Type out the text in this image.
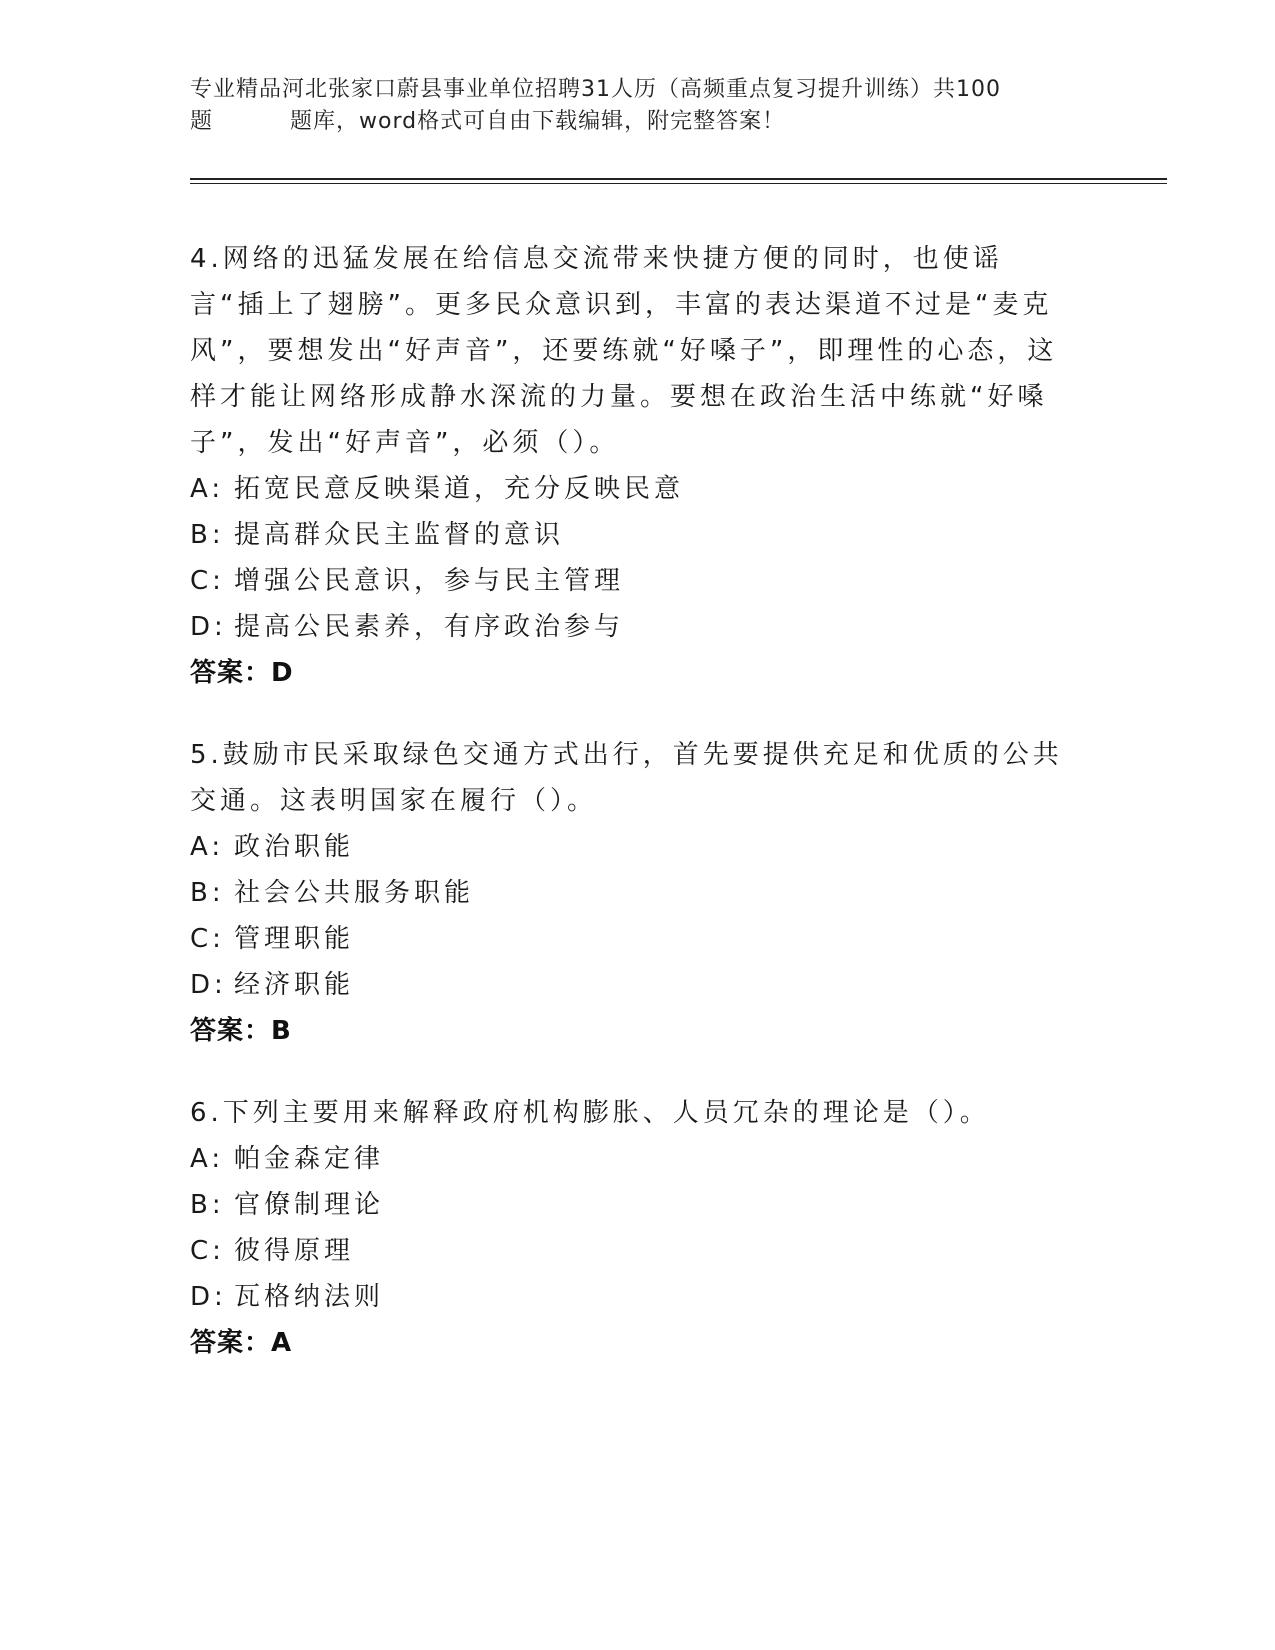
专业精品河北张家口蔚县事业单位招聘31人历（高频重点复习提升训练）共100
题	题库，word格式可自由下载编辑，附完整答案！
4.网络的迅猛发展在给信息交流带来快捷方便的同时，也使谣言“插上了翅膀”。更多民众意识到，丰富的表达渠道不过是“麦克风”，要想发出“好声音”，还要练就“好嗓子”，即理性的心态，这样才能让网络形成静水深流的力量。要想在政治生活中练就“好嗓子”，发出“好声音”，必须（）。
A: 拓宽民意反映渠道，充分反映民意
B: 提高群众民主监督的意识
C: 增强公民意识，参与民主管理
D: 提高公民素养，有序政治参与
答案：D
5.鼓励市民采取绿色交通方式出行，首先要提供充足和优质的公共交通。这表明国家在履行（）。
A: 政治职能
B: 社会公共服务职能
C: 管理职能
D: 经济职能
答案：B
6.下列主要用来解释政府机构膨胀、人员冗杂的理论是（）。
A: 帕金森定律
B: 官僚制理论
C: 彼得原理
D: 瓦格纳法则
答案：A
